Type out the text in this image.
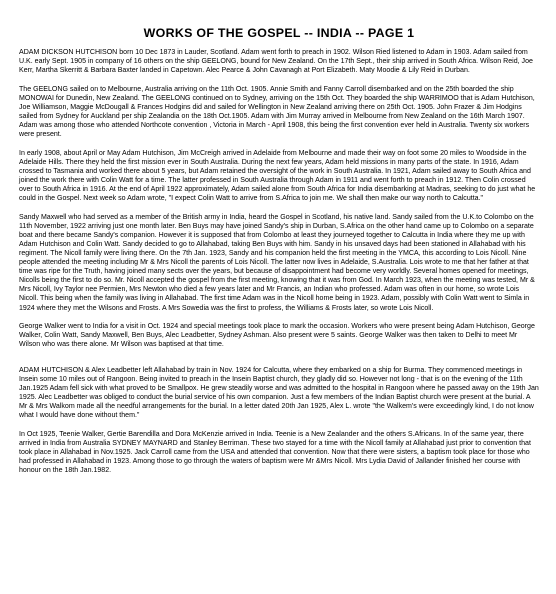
WORKS OF THE GOSPEL -- INDIA -- PAGE 1

ADAM DICKSON HUTCHISON born 10 Dec 1873 in Lauder, Scotland. Adam went forth to preach in 1902. Wilson Ried listened to Adam in 1903. Adam sailed from U.K. early Sept. 1905 in company of 16 others on the ship GEELONG, bound for New Zealand. On the 17th Sept., their ship arrived in South Africa. Wilson Reid, Joe Kerr, Martha Skerritt & Barbara Baxter landed in Capetown. Alec Pearce & John Cavanagh at Port Elizabeth. Maty Moodie & Lily Reid in Durban.

The GEELONG sailed on to Melbourne, Australia arriving on the 11th Oct. 1905. Annie Smith and Fanny Carroll disembarked and on the 25th boarded the ship MONOWAI for Dunedin, New Zealand. The GEELONG continued on to Sydney, arriving on the 15th Oct. They boarded the ship WARRIMOO that is Adam Hutchison, Joe Williamson, Maggie McDougall & Frances Hodgins did and sailed for Wellington in New Zealand arriving there on 25th Oct. 1905. John Frazer & Jim Hodgins sailed from Sydney for Auckland per ship Zealandia on the 18th Oct.1905. Adam with Jim Murray arrived in Melbourne from New Zealand on the 16th March 1907. Adam was among those who attended Northcote convention , Victoria in March - April 1908, this being the first convention ever held in Australia. Twenty six workers were present.

In early 1908, about April or May Adam Hutchison, Jim McCreigh arrived in Adelaide from Melbourne and made their way on foot some 20 miles to Woodside in the Adelaide Hills. There they held the first mission ever in South Australia. During the next few years, Adam held missions in many parts of the state. In 1916, Adam crossed to Tasmania and worked there about 5 years, but Adam retained the oversight of the work in South Australia. In 1921, Adam sailed away to South Africa and joined the work there with Colin Watt for a time. The latter professed in South Australia through Adam in 1911 and went forth to preach in 1912. Then Colin crossed over to South Africa in 1916. At the end of April 1922 approximately, Adam sailed alone from South Africa for India disembarking at Madras, seeking to do just what he could in the Gospel. Next week so Adam wrote, "I expect Colin Watt to arrive from S.Africa to join me. We shall then make our way north to Calcutta."

Sandy Maxwell who had served as a member of the British army in India, heard the Gospel in Scotland, his native land. Sandy sailed from the U.K.to Colombo on the 11th November, 1922 arriving just one month later. Ben Buys may have joined Sandy's ship in Durban, S.Africa on the other hand came up to Colombo on a separate boat and there became Sandy's companion. However it is supposed that from Colombo at least they journeyed together to Calcutta in India where they me up with Adam Hutchison and Colin Watt. Sandy decided to go to Allahabad, taking Ben Buys with him. Sandy in his unsaved days had been stationed in Allahabad with his regiment. The Nicoll family were living there. On the 7th Jan. 1923, Sandy and his companion held the first meeting in the YMCA, this according to Lois Nicoll. Nine people attended the meeting including Mr & Mrs Nicoll the parents of Lois Nicoll. The latter now lives in Adelaide, S.Australia. Lois wrote to me that her father at that time was ripe for the Truth, having joined many sects over the years, but because of disappointment had become very worldly. Several homes opened for meetings, Nicolls being the first to do so. Mr. Nicoll accepted the gospel from the first meeting, knowing that it was from God. In March 1923, when the meeting was tested, Mr & Mrs Nicoll, Ivy Taylor nee Permien, Mrs Newton who died a few years later and Mr Francis, an Indian who professed. Adam was often in our home, so wrote Lois Nicoll. This being when the family was living in Allahabad. The first time Adam was in the Nicoll home being in 1923. Adam, possibly with Colin Watt went to Simla in 1924 where they met the Wilsons and Frosts. A Mrs Sowedia was the first to profess, the Williams & Frosts later, so wrote Lois Nicoll.

George Walker went to India for a visit in Oct. 1924 and special meetings took place to mark the occasion. Workers who were present being Adam Hutchison, George Walker, Colin Watt, Sandy Maxwell, Ben Buys, Alec Leadbetter, Sydney Ashman. Also present were 5 saints. George Walker was then taken to Delhi to meet Mr Wilson who was there alone. Mr Wilson was baptised at that time.

ADAM HUTCHISON & Alex Leadbetter left Allahabad by train in Nov. 1924 for Calcutta, where they embarked on a ship for Burma. They commenced meetings in Insein some 10 miles out of Rangoon. Being invited to preach in the Insein Baptist church, they gladly did so. However not long - that is on the evening of the 11th Jan.1925 Adam fell sick with what proved to be Smallpox. He grew steadily worse and was admitted to the hospital in Rangoon where he passed away on the 19th Jan 1925. Alec Leadbetter was obliged to conduct the burial service of his own companion. Just a few members of the Indian Baptist church were present at the burial. A Mr & Mrs Walkom made all the needful arrangements for the burial. In a letter dated 20th Jan 1925, Alex L. wrote "the Walkem's were exceedingly kind, I do not know what I would have done without them."

In Oct 1925, Teenie Walker, Gertie Barendilla and Dora McKenzie arrived in India. Teenie is a New Zealander and the others S.Africans. In of the same year, there arrived in India from Australia SYDNEY MAYNARD and Stanley Berriman. These two stayed for a time with the Nicoll family at Allahabad just prior to convention that took place in Allahabad in Nov.1925. Jack Carroll came from the USA and attended that convention. Now that there were sisters, a baptism took place for those who had professed in Allahabad in 1923. Among those to go through the waters of baptism were Mr &Mrs Nicoll. Mrs Lydia David of Jallander finished her course with honour on the 18th Jan.1982.
